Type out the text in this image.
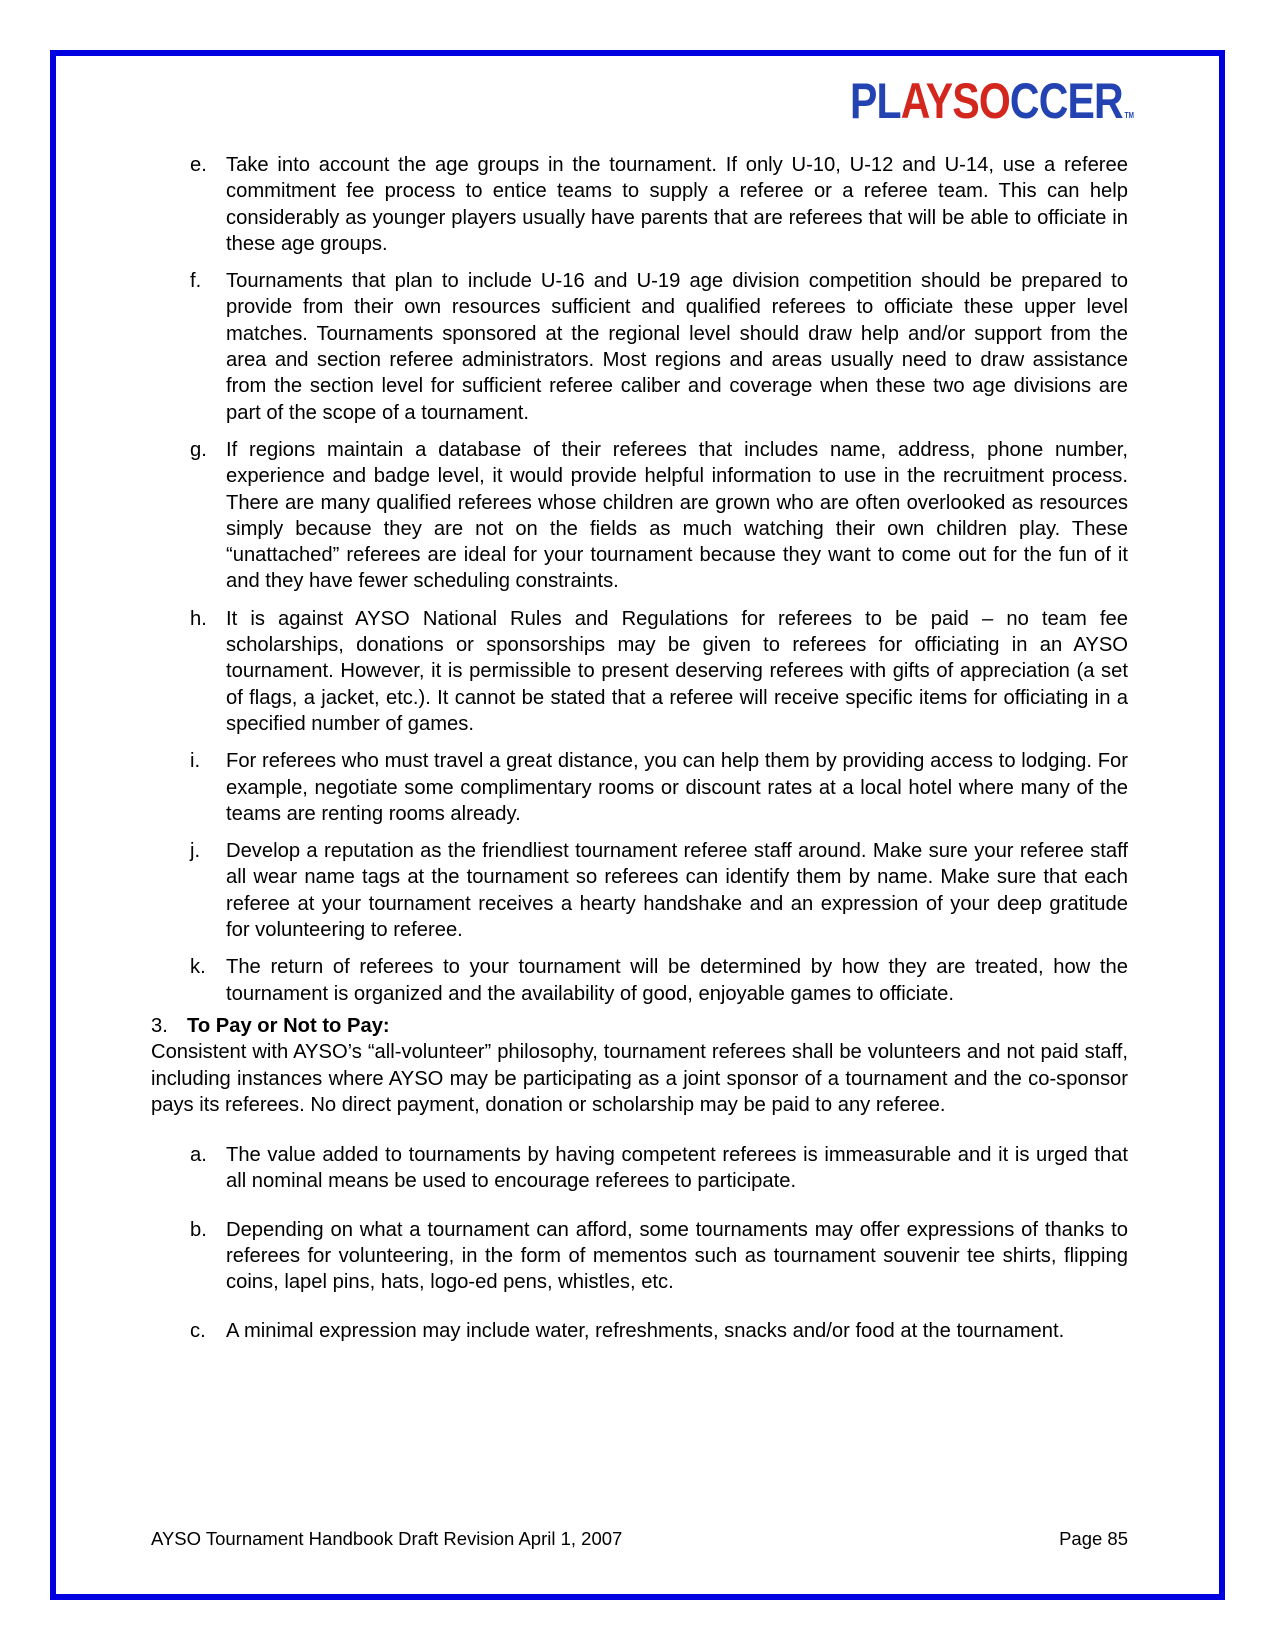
PLAYSOCCER TM
e. Take into account the age groups in the tournament. If only U-10, U-12 and U-14, use a referee commitment fee process to entice teams to supply a referee or a referee team. This can help considerably as younger players usually have parents that are referees that will be able to officiate in these age groups.
f. Tournaments that plan to include U-16 and U-19 age division competition should be prepared to provide from their own resources sufficient and qualified referees to officiate these upper level matches. Tournaments sponsored at the regional level should draw help and/or support from the area and section referee administrators. Most regions and areas usually need to draw assistance from the section level for sufficient referee caliber and coverage when these two age divisions are part of the scope of a tournament.
g. If regions maintain a database of their referees that includes name, address, phone number, experience and badge level, it would provide helpful information to use in the recruitment process. There are many qualified referees whose children are grown who are often overlooked as resources simply because they are not on the fields as much watching their own children play. These “unattached” referees are ideal for your tournament because they want to come out for the fun of it and they have fewer scheduling constraints.
h. It is against AYSO National Rules and Regulations for referees to be paid – no team fee scholarships, donations or sponsorships may be given to referees for officiating in an AYSO tournament. However, it is permissible to present deserving referees with gifts of appreciation (a set of flags, a jacket, etc.). It cannot be stated that a referee will receive specific items for officiating in a specified number of games.
i. For referees who must travel a great distance, you can help them by providing access to lodging. For example, negotiate some complimentary rooms or discount rates at a local hotel where many of the teams are renting rooms already.
j. Develop a reputation as the friendliest tournament referee staff around. Make sure your referee staff all wear name tags at the tournament so referees can identify them by name. Make sure that each referee at your tournament receives a hearty handshake and an expression of your deep gratitude for volunteering to referee.
k. The return of referees to your tournament will be determined by how they are treated, how the tournament is organized and the availability of good, enjoyable games to officiate.
3. To Pay or Not to Pay:
Consistent with AYSO’s “all-volunteer” philosophy, tournament referees shall be volunteers and not paid staff, including instances where AYSO may be participating as a joint sponsor of a tournament and the co-sponsor pays its referees. No direct payment, donation or scholarship may be paid to any referee.
a. The value added to tournaments by having competent referees is immeasurable and it is urged that all nominal means be used to encourage referees to participate.
b. Depending on what a tournament can afford, some tournaments may offer expressions of thanks to referees for volunteering, in the form of mementos such as tournament souvenir tee shirts, flipping coins, lapel pins, hats, logo-ed pens, whistles, etc.
c. A minimal expression may include water, refreshments, snacks and/or food at the tournament.
AYSO Tournament Handbook Draft Revision April 1, 2007	Page 85
